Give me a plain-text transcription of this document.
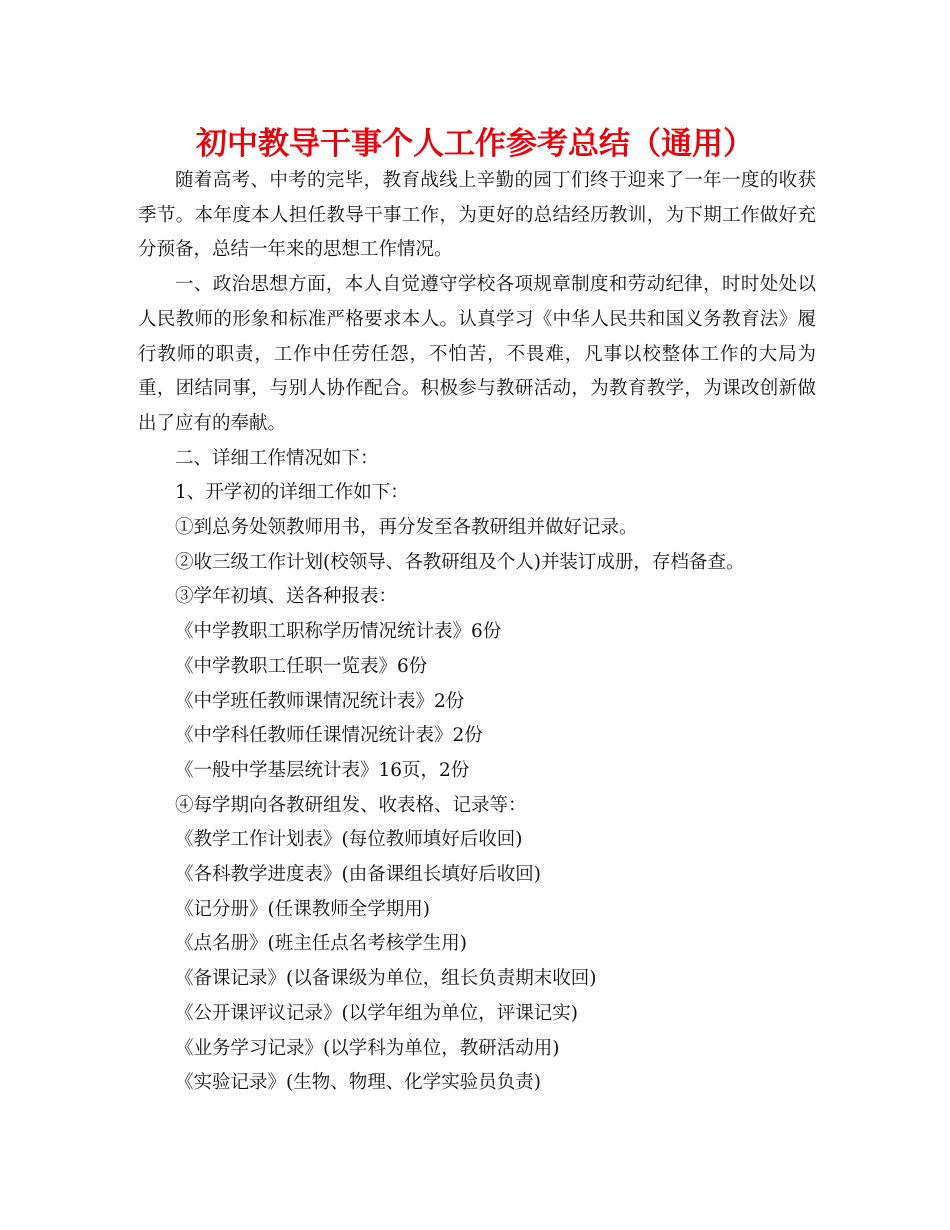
初中教导干事个人工作参考总结（通用）

随着高考、中考的完毕，教育战线上辛勤的园丁们终于迎来了一年一度的收获季节。本年度本人担任教导干事工作，为更好的总结经历教训，为下期工作做好充分预备，总结一年来的思想工作情况。

一、政治思想方面，本人自觉遵守学校各项规章制度和劳动纪律，时时处处以人民教师的形象和标准严格要求本人。认真学习《中华人民共和国义务教育法》履行教师的职责，工作中任劳任怨，不怕苦，不畏难，凡事以校整体工作的大局为重，团结同事，与别人协作配合。积极参与教研活动，为教育教学，为课改创新做出了应有的奉献。

二、详细工作情况如下：

1、开学初的详细工作如下：

①到总务处领教师用书，再分发至各教研组并做好记录。

②收三级工作计划(校领导、各教研组及个人)并装订成册，存档备查。

③学年初填、送各种报表：

《中学教职工职称学历情况统计表》6份

《中学教职工任职一览表》6份

《中学班任教师课情况统计表》2份

《中学科任教师任课情况统计表》2份

《一般中学基层统计表》16页，2份

④每学期向各教研组发、收表格、记录等：

《教学工作计划表》(每位教师填好后收回)

《各科教学进度表》(由备课组长填好后收回)

《记分册》(任课教师全学期用)

《点名册》(班主任点名考核学生用)

《备课记录》(以备课级为单位，组长负责期末收回)

《公开课评议记录》(以学年组为单位，评课记实)

《业务学习记录》(以学科为单位，教研活动用)

《实验记录》(生物、物理、化学实验员负责)
